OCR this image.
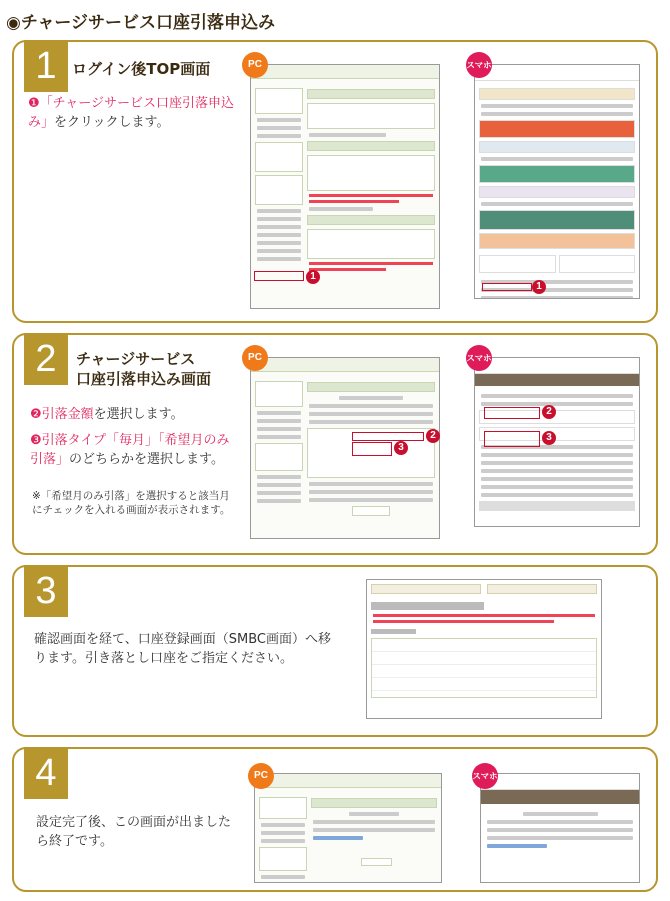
◉チャージサービス口座引落申込み
1	ログイン後TOP画面
❶「チャージサービス口座引落申込み」をクリックします。
PC
1
スマホ
1
2	チャージサービス
口座引落申込み画面
❷引落金額を選択します。
❸引落タイプ「毎月」「希望月のみ引落」のどちらかを選択します。
※「希望月のみ引落」を選択すると該当月にチェックを入れる画面が表示されます。
PC
2
3
スマホ
2
3
3
確認画面を経て、口座登録画面（SMBC画面）へ移ります。引き落とし口座をご指定ください。
4
設定完了後、この画面が出ましたら終了です。
PC	スマホ
